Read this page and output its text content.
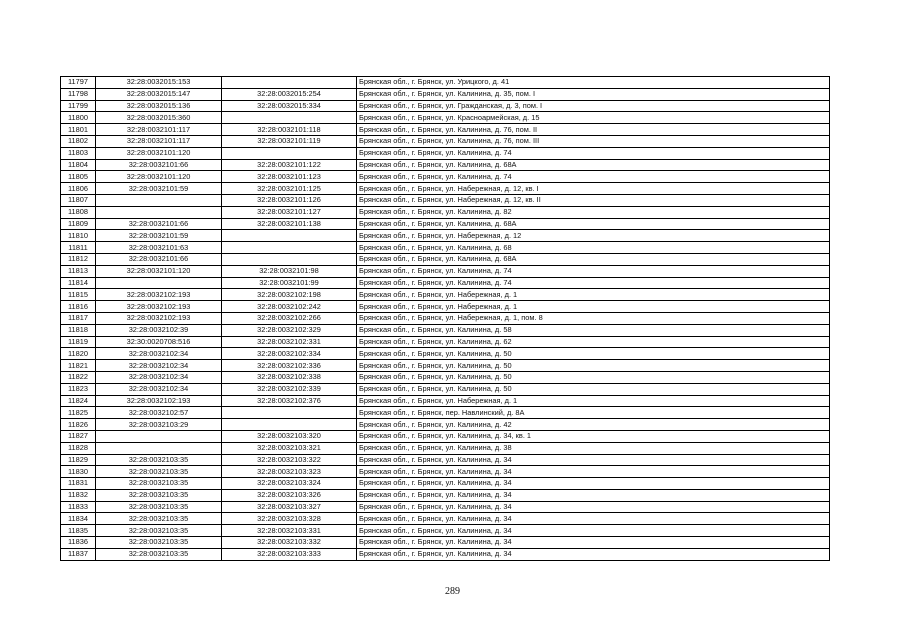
11797	32:28:0032015:153		Брянская обл., г. Брянск, ул. Урицкого, д. 41
11798	32:28:0032015:147	32:28:0032015:254	Брянская обл., г. Брянск, ул. Калинина, д. 35, пом. I
11799	32:28:0032015:136	32:28:0032015:334	Брянская обл., г. Брянск, ул. Гражданская, д. 3, пом. I
11800	32:28:0032015:360		Брянская обл., г. Брянск, ул. Красноармейская, д. 15
11801	32:28:0032101:117	32:28:0032101:118	Брянская обл., г. Брянск, ул. Калинина, д. 76, пом. II
11802	32:28:0032101:117	32:28:0032101:119	Брянская обл., г. Брянск, ул. Калинина, д. 76, пом. III
11803	32:28:0032101:120		Брянская обл., г. Брянск, ул. Калинина, д. 74
11804	32:28:0032101:66	32:28:0032101:122	Брянская обл., г. Брянск, ул. Калинина, д. 68А
11805	32:28:0032101:120	32:28:0032101:123	Брянская обл., г. Брянск, ул. Калинина, д. 74
11806	32:28:0032101:59	32:28:0032101:125	Брянская обл., г. Брянск, ул. Набережная, д. 12, кв. I
11807		32:28:0032101:126	Брянская обл., г. Брянск, ул. Набережная, д. 12, кв. II
11808		32:28:0032101:127	Брянская обл., г. Брянск, ул. Калинина, д. 82
11809	32:28:0032101:66	32:28:0032101:138	Брянская обл., г. Брянск, ул. Калинина, д. 68А
11810	32:28:0032101:59		Брянская обл., г. Брянск, ул. Набережная, д. 12
11811	32:28:0032101:63		Брянская обл., г. Брянск, ул. Калинина, д. 68
11812	32:28:0032101:66		Брянская обл., г. Брянск, ул. Калинина, д. 68А
11813	32:28:0032101:120	32:28:0032101:98	Брянская обл., г. Брянск, ул. Калинина, д. 74
11814		32:28:0032101:99	Брянская обл., г. Брянск, ул. Калинина, д. 74
11815	32:28:0032102:193	32:28:0032102:198	Брянская обл., г. Брянск, ул. Набережная, д. 1
11816	32:28:0032102:193	32:28:0032102:242	Брянская обл., г. Брянск, ул. Набережная, д. 1
11817	32:28:0032102:193	32:28:0032102:266	Брянская обл., г. Брянск, ул. Набережная, д. 1, пом. 8
11818	32:28:0032102:39	32:28:0032102:329	Брянская обл., г. Брянск, ул. Калинина, д. 58
11819	32:30:0020708:516	32:28:0032102:331	Брянская обл., г. Брянск, ул. Калинина, д. 62
11820	32:28:0032102:34	32:28:0032102:334	Брянская обл., г. Брянск, ул. Калинина, д. 50
11821	32:28:0032102:34	32:28:0032102:336	Брянская обл., г. Брянск, ул. Калинина, д. 50
11822	32:28:0032102:34	32:28:0032102:338	Брянская обл., г. Брянск, ул. Калинина, д. 50
11823	32:28:0032102:34	32:28:0032102:339	Брянская обл., г. Брянск, ул. Калинина, д. 50
11824	32:28:0032102:193	32:28:0032102:376	Брянская обл., г. Брянск, ул. Набережная, д. 1
11825	32:28:0032102:57		Брянская обл., г. Брянск, пер. Навлинский, д. 8А
11826	32:28:0032103:29		Брянская обл., г. Брянск, ул. Калинина, д. 42
11827		32:28:0032103:320	Брянская обл., г. Брянск, ул. Калинина, д. 34, кв. 1
11828		32:28:0032103:321	Брянская обл., г. Брянск, ул. Калинина, д. 38
11829	32:28:0032103:35	32:28:0032103:322	Брянская обл., г. Брянск, ул. Калинина, д. 34
11830	32:28:0032103:35	32:28:0032103:323	Брянская обл., г. Брянск, ул. Калинина, д. 34
11831	32:28:0032103:35	32:28:0032103:324	Брянская обл., г. Брянск, ул. Калинина, д. 34
11832	32:28:0032103:35	32:28:0032103:326	Брянская обл., г. Брянск, ул. Калинина, д. 34
11833	32:28:0032103:35	32:28:0032103:327	Брянская обл., г. Брянск, ул. Калинина, д. 34
11834	32:28:0032103:35	32:28:0032103:328	Брянская обл., г. Брянск, ул. Калинина, д. 34
11835	32:28:0032103:35	32:28:0032103:331	Брянская обл., г. Брянск, ул. Калинина, д. 34
11836	32:28:0032103:35	32:28:0032103:332	Брянская обл., г. Брянск, ул. Калинина, д. 34
11837	32:28:0032103:35	32:28:0032103:333	Брянская обл., г. Брянск, ул. Калинина, д. 34
289
